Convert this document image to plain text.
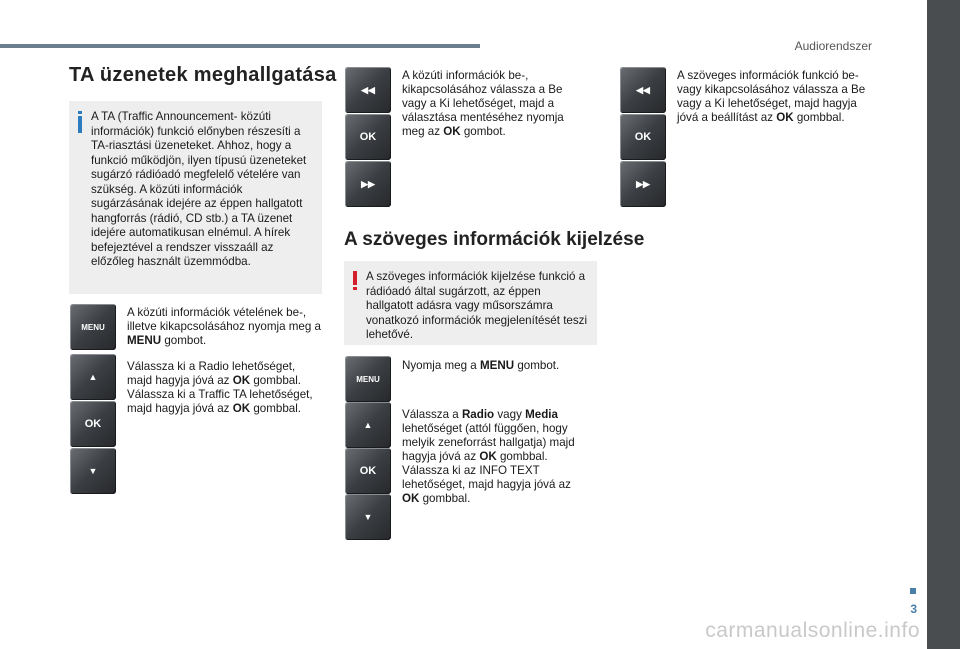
Audiorendszer
TA üzenetek meghallgatása
A TA (Traffic Announcement- közúti információk) funkció előnyben részesíti a TA-riasztási üzeneteket. Ahhoz, hogy a funkció működjön, ilyen típusú üzeneteket sugárzó rádióadó megfelelő vételére van szükség. A közúti információk sugárzásának idejére az éppen hallgatott hangforrás (rádió, CD stb.) a TA üzenet idejére automatikusan elnémul. A hírek befejeztével a rendszer visszaáll az előzőleg használt üzemmódba.
MENU
A közúti információk vételének be-, illetve kikapcsolásához nyomja meg a MENU gombot.
▲
OK
▼
Válassza ki a Radio lehetőséget, majd hagyja jóvá az OK gombbal. Válassza ki a Traffic TA lehetőséget, majd hagyja jóvá az OK gombbal.
◀◀
OK
▶▶
A közúti információk be-, kikapcsolásához válassza a Be vagy a Ki lehetőséget, majd a választása mentéséhez nyomja meg az OK gombot.
A szöveges információk kijelzése
A szöveges információk kijelzése funkció a rádióadó által sugárzott, az éppen hallgatott adásra vagy műsorszámra vonatkozó információk megjelenítését teszi lehetővé.
MENU
Nyomja meg a MENU gombot.
▲
OK
▼
Válassza a Radio vagy Media lehetőséget (attól függően, hogy melyik zeneforrást hallgatja) majd hagyja jóvá az OK gombbal. Válassza ki az INFO TEXT lehetőséget, majd hagyja jóvá az OK gombbal.
◀◀
OK
▶▶
A szöveges információk funkció be- vagy kikapcsolásához válassza a Be vagy a Ki lehetőséget, majd hagyja jóvá a beállítást az OK gombbal.
3
carmanualsonline.info
